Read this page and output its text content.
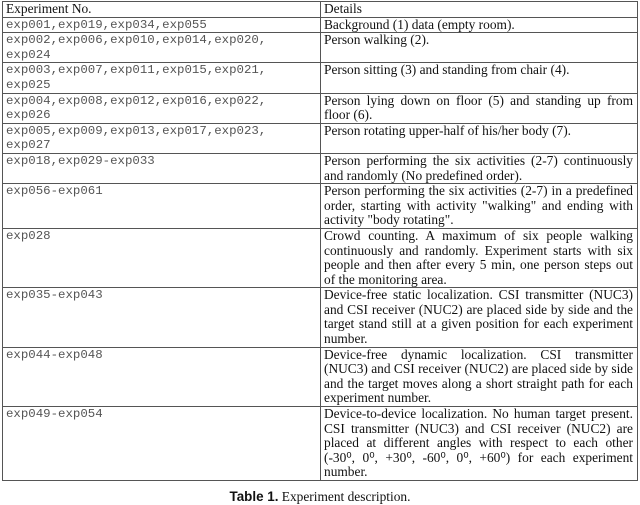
Experiment No.	Details
exp001,exp019,exp034,exp055	Background (1) data (empty room).
exp002,exp006,exp010,exp014,exp020, exp024	Person walking (2).
exp003,exp007,exp011,exp015,exp021, exp025	Person sitting (3) and standing from chair (4).
exp004,exp008,exp012,exp016,exp022, exp026	Person lying down on floor (5) and standing up from floor (6).
exp005,exp009,exp013,exp017,exp023, exp027	Person rotating upper-half of his/her body (7).
exp018,exp029-exp033	Person performing the six activities (2-7) continuously and randomly (No predefined order).
exp056-exp061	Person performing the six activities (2-7) in a predefined order, starting with activity "walking" and ending with activity "body rotating".
exp028	Crowd counting. A maximum of six people walking continuously and randomly. Experiment starts with six people and then after every 5 min, one person steps out of the monitoring area.
exp035-exp043	Device-free static localization. CSI transmitter (NUC3) and CSI receiver (NUC2) are placed side by side and the target stand still at a given position for each experiment number.
exp044-exp048	Device-free dynamic localization. CSI transmitter (NUC3) and CSI receiver (NUC2) are placed side by side and the target moves along a short straight path for each experiment number.
exp049-exp054	Device-to-device localization. No human target present. CSI transmitter (NUC3) and CSI receiver (NUC2) are placed at different angles with respect to each other (-30⁰, 0⁰, +30⁰, -60⁰, 0⁰, +60⁰) for each experiment number.
Table 1. Experiment description.
